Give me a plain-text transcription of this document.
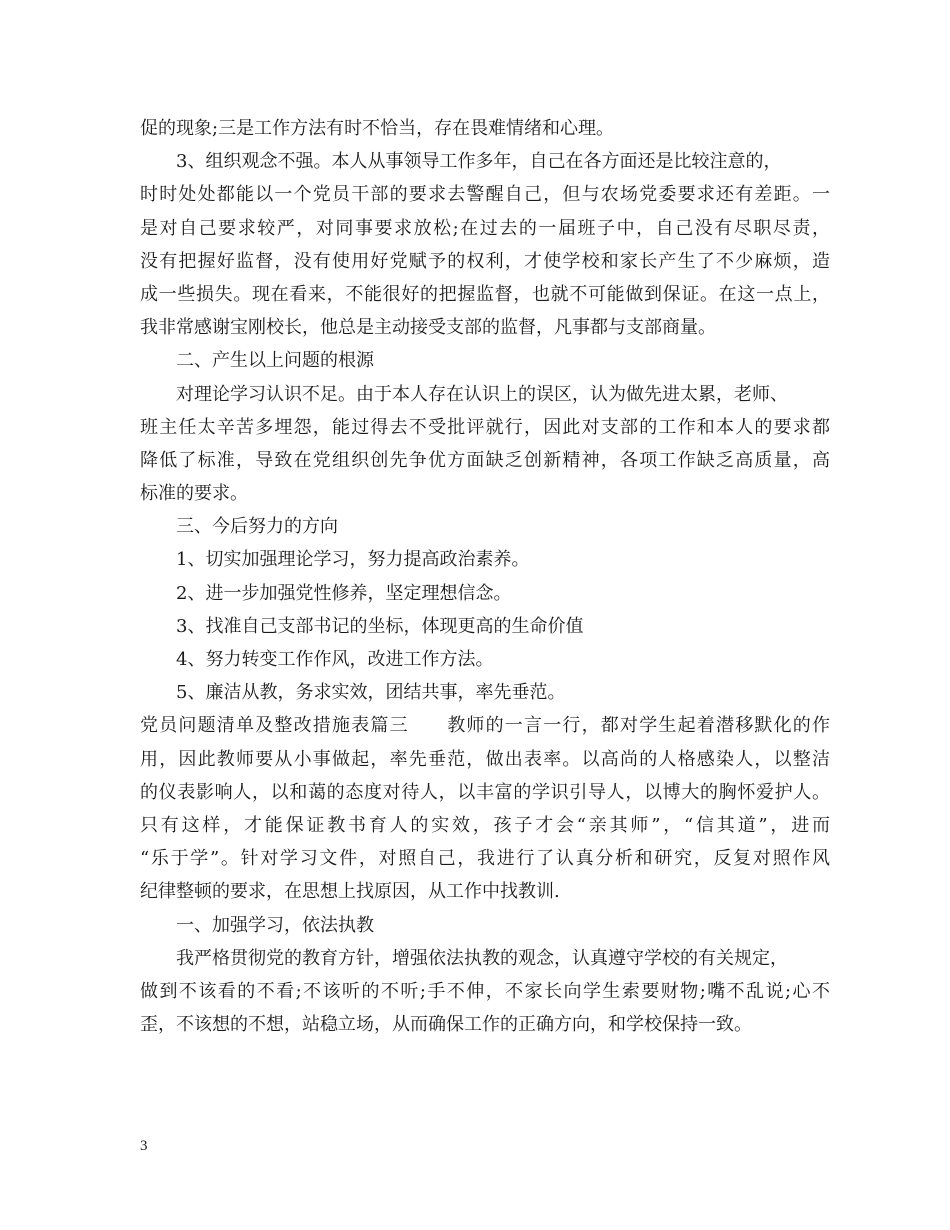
促的现象;三是工作方法有时不恰当，存在畏难情绪和心理。
3、组织观念不强。本人从事领导工作多年，自己在各方面还是比较注意的，
时时处处都能以一个党员干部的要求去警醒自己，但与农场党委要求还有差距。一
是对自己要求较严，对同事要求放松;在过去的一届班子中，自己没有尽职尽责，
没有把握好监督，没有使用好党赋予的权利，才使学校和家长产生了不少麻烦，造
成一些损失。现在看来，不能很好的把握监督，也就不可能做到保证。在这一点上，
我非常感谢宝刚校长，他总是主动接受支部的监督，凡事都与支部商量。
二、产生以上问题的根源
对理论学习认识不足。由于本人存在认识上的误区，认为做先进太累，老师、
班主任太辛苦多埋怨，能过得去不受批评就行，因此对支部的工作和本人的要求都
降低了标准，导致在党组织创先争优方面缺乏创新精神，各项工作缺乏高质量，高
标准的要求。
三、今后努力的方向
1、切实加强理论学习，努力提高政治素养。
2、进一步加强党性修养，坚定理想信念。
3、找准自己支部书记的坐标，体现更高的生命价值
4、努力转变工作作风，改进工作方法。
5、廉洁从教，务求实效，团结共事，率先垂范。
党员问题清单及整改措施表篇三　　教师的一言一行，都对学生起着潜移默化的作
用，因此教师要从小事做起，率先垂范，做出表率。以高尚的人格感染人，以整洁
的仪表影响人，以和蔼的态度对待人，以丰富的学识引导人，以博大的胸怀爱护人。
只有这样，才能保证教书育人的实效，孩子才会“亲其师”，“信其道”，进而
“乐于学”。针对学习文件，对照自己，我进行了认真分析和研究，反复对照作风
纪律整顿的要求，在思想上找原因，从工作中找教训.
一、加强学习，依法执教
我严格贯彻党的教育方针，增强依法执教的观念，认真遵守学校的有关规定，
做到不该看的不看;不该听的不听;手不伸，不家长向学生索要财物;嘴不乱说;心不
歪，不该想的不想，站稳立场，从而确保工作的正确方向，和学校保持一致。
3
